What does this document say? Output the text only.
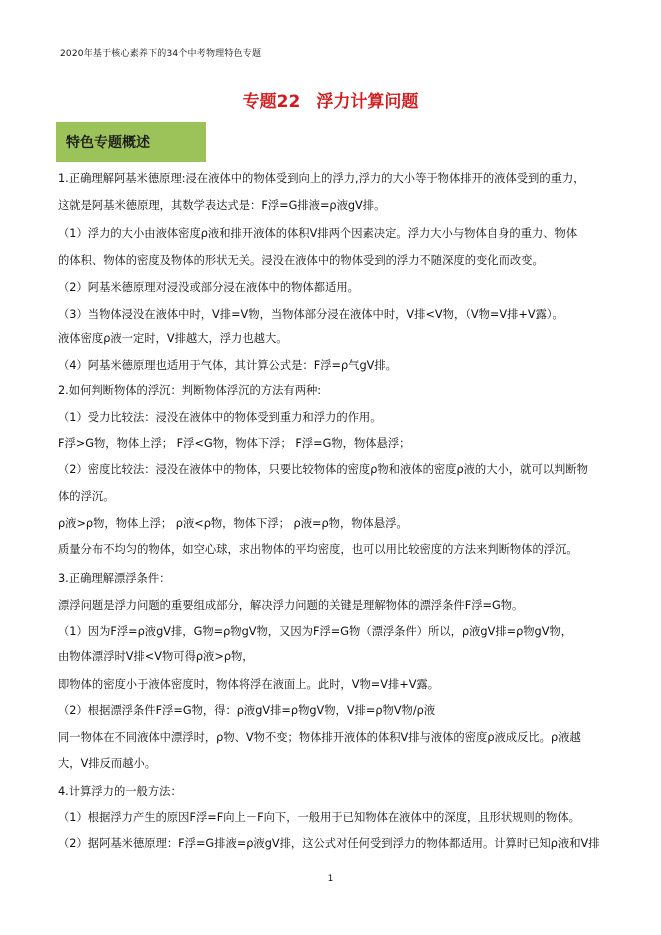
2020年基于核心素养下的34个中考物理特色专题
专题22 浮力计算问题
特色专题概述
1.正确理解阿基米德原理:浸在液体中的物体受到向上的浮力,浮力的大小等于物体排开的液体受到的重力，
这就是阿基米德原理，其数学表达式是：F浮=G排液=ρ液gV排。
（1）浮力的大小由液体密度ρ液和排开液体的体积V排两个因素决定。浮力大小与物体自身的重力、物体
的体积、物体的密度及物体的形状无关。浸没在液体中的物体受到的浮力不随深度的变化而改变。
（2）阿基米德原理对浸没或部分浸在液体中的物体都适用。
（3）当物体浸没在液体中时，V排=V物，当物体部分浸在液体中时，V排<V物，（V物=V排+V露）。
液体密度ρ液一定时，V排越大，浮力也越大。
（4）阿基米德原理也适用于气体，其计算公式是：F浮=ρ气gV排。
2.如何判断物体的浮沉：判断物体浮沉的方法有两种:
（1）受力比较法：浸没在液体中的物体受到重力和浮力的作用。
F浮>G物，物体上浮； F浮<G物，物体下浮； F浮=G物，物体悬浮；
（2）密度比较法：浸没在液体中的物体，只要比较物体的密度ρ物和液体的密度ρ液的大小，就可以判断物
体的浮沉。
ρ液>ρ物，物体上浮； ρ液<ρ物，物体下浮； ρ液=ρ物，物体悬浮。
质量分布不均匀的物体，如空心球，求出物体的平均密度，也可以用比较密度的方法来判断物体的浮沉。
3.正确理解漂浮条件：
漂浮问题是浮力问题的重要组成部分，解决浮力问题的关键是理解物体的漂浮条件F浮=G物。
（1）因为F浮=ρ液gV排，G物=ρ物gV物，又因为F浮=G物（漂浮条件）所以，ρ液gV排=ρ物gV物，
由物体漂浮时V排<V物可得ρ液>ρ物，
即物体的密度小于液体密度时，物体将浮在液面上。此时，V物=V排+V露。
（2）根据漂浮条件F浮=G物，得：ρ液gV排=ρ物gV物，V排=ρ物V物/ρ液
同一物体在不同液体中漂浮时，ρ物、V物不变；物体排开液体的体积V排与液体的密度ρ液成反比。ρ液越
大，V排反而越小。
4.计算浮力的一般方法：
（1）根据浮力产生的原因F浮=F向上－F向下，一般用于已知物体在液体中的深度，且形状规则的物体。
（2）据阿基米德原理：F浮=G排液=ρ液gV排，这公式对任何受到浮力的物体都适用。计算时已知ρ液和V排
1
